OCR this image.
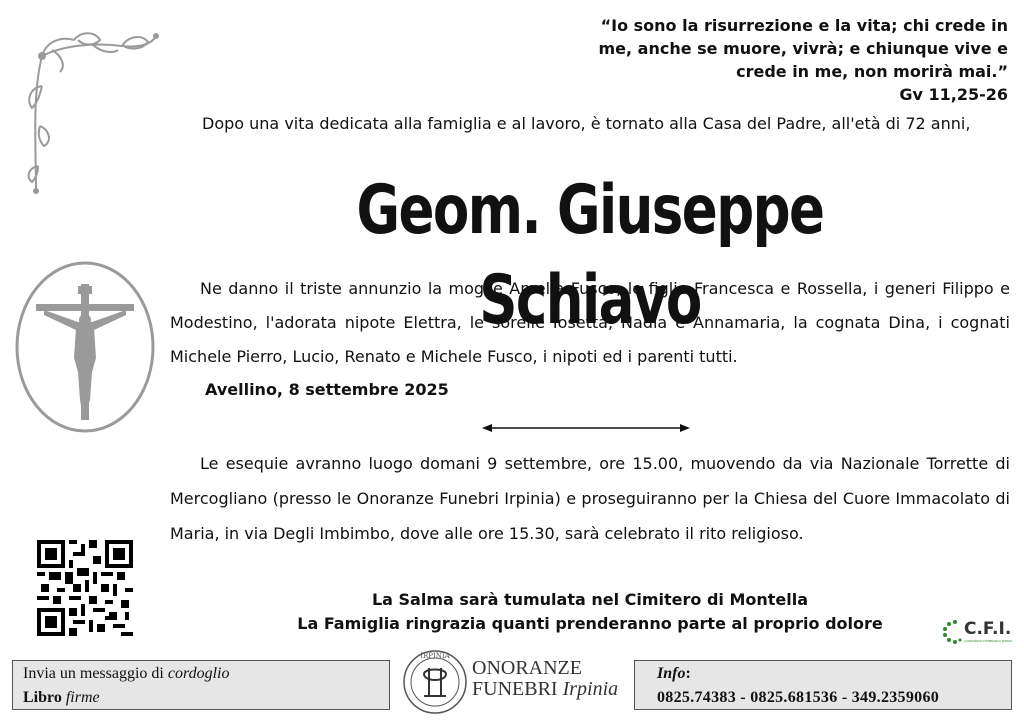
“Io sono la risurrezione e la vita; chi crede in me, anche se muore, vivrà; e chiunque vive e crede in me, non morirà mai.”
Gv 11,25-26
Dopo una vita dedicata alla famiglia e al lavoro, è tornato alla Casa del Padre, all'età di 72 anni,
Geom. Giuseppe Schiavo
Ne danno il triste annunzio la moglie Amelia Fusco, le figlie Francesca e Rossella, i generi Filippo e Modestino, l'adorata nipote Elettra, le sorelle Iosetta, Nadia e Annamaria, la cognata Dina, i cognati Michele Pierro, Lucio, Renato e Michele Fusco, i nipoti ed i parenti tutti.
Avellino, 8 settembre 2025
Le esequie avranno luogo domani 9 settembre, ore 15.00, muovendo da via Nazionale Torrette di Mercogliano (presso le Onoranze Funebri Irpinia) e proseguiranno per la Chiesa del Cuore Immacolato di Maria, in via Degli Imbimbo, dove alle ore 15.30, sarà celebrato il rito religioso.
La Salma sarà tumulata nel Cimitero di Montella
La Famiglia ringrazia quanti prenderanno parte al proprio dolore	C.F.I.
CONSORZIO FUNERARIO IRPINO
Invia un messaggio di cordoglio
Libro firme
IRPINIA
ONORANZE
FUNEBRI Irpinia
Info:
0825.74383 - 0825.681536 - 349.2359060
